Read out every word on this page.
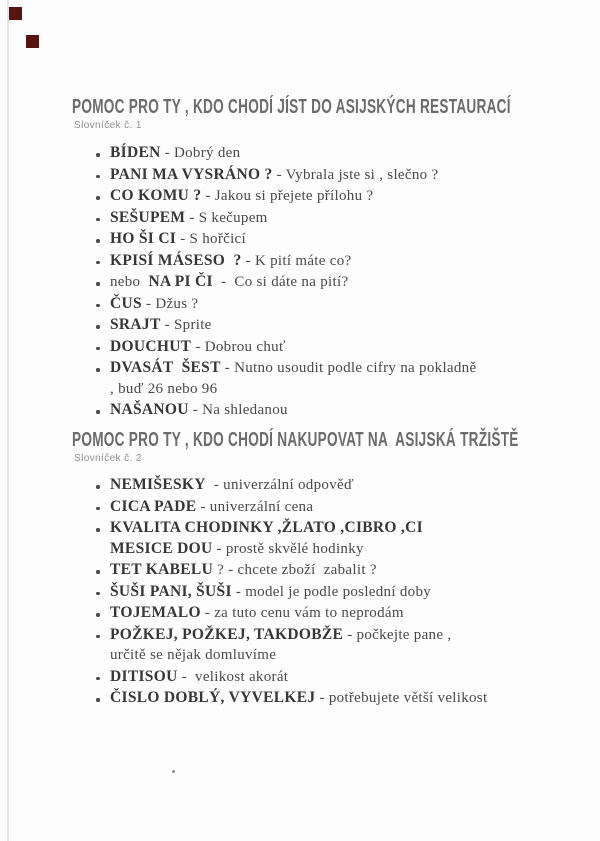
POMOC PRO TY , KDO CHODÍ JÍST DO ASIJSKÝCH RESTAURACÍ
Slovníček č. 1
BÍDEN - Dobrý den
PANI MA VYSRÁNO ? - Vybrala jste si , slečno ?
CO KOMU ? - Jakou si přejete přílohu ?
SEŠUPEM - S kečupem
HO ŠI CI - S hořčicí
KPISÍ MÁSESO  ? - K pití máte co?
nebo  NA PI ČI  -  Co si dáte na pití?
ČUS - Džus ?
SRAJT - Sprite
DOUCHUT - Dobrou chuť
DVASÁT  ŠEST - Nutno usoudit podle cifry na pokladně
, buď 26 nebo 96
NAŠANOU - Na shledanou
POMOC PRO TY , KDO CHODÍ NAKUPOVAT NA  ASIJSKÁ TRŽIŠTĚ
Slovníček č. 2
NEMIŠESKY  - univerzální odpověď
CICA PADE - univerzální cena
KVALITA CHODINKY ,ŽLATO ,CIBRO ,CI
MESICE DOU - prostě skvělé hodinky
TET KABELU ? - chcete zboží  zabalit ?
ŠUŠI PANI, ŠUŠI - model je podle poslední doby
TOJEMALO - za tuto cenu vám to neprodám
POŽKEJ, POŽKEJ, TAKDOBŽE - počkejte pane ,
určitě se nějak domluvíme
DITISOU -  velikost akorát
ČISLO DOBLÝ, VYVELKEJ - potřebujete větší velikost
